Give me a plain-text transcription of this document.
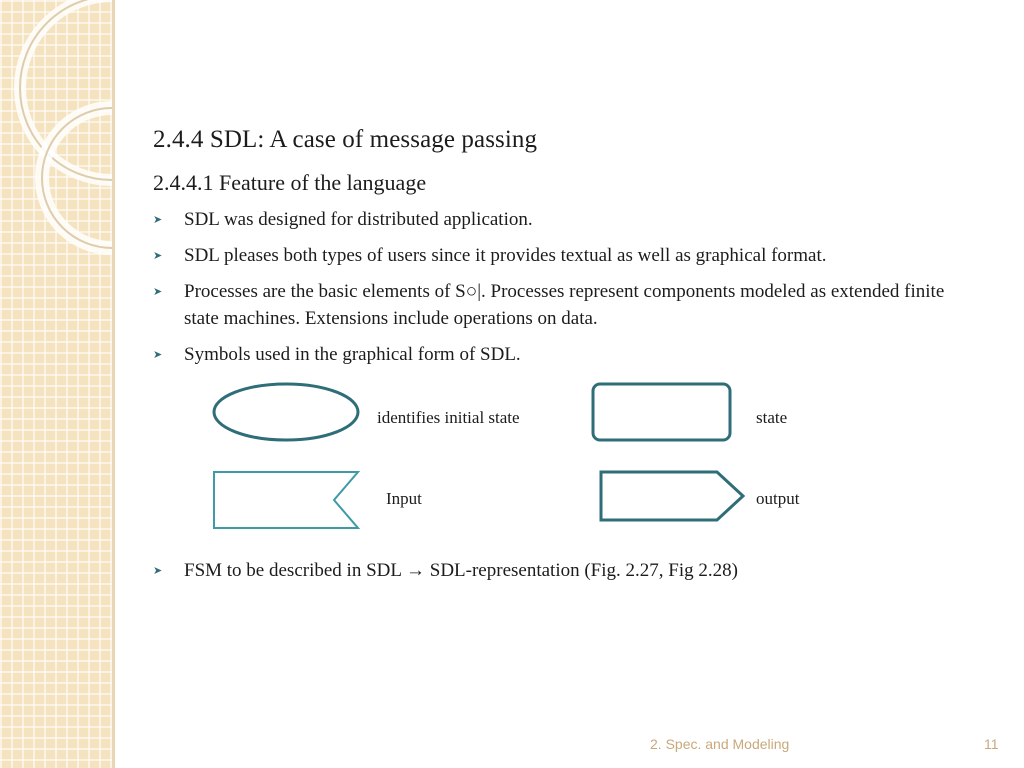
2.4.4 SDL: A case of message passing
2.4.4.1 Feature of the language
➤ SDL was designed for distributed application.
➤ SDL pleases both types of users since it provides textual as well as graphical format.
➤ Processes are the basic elements of S○|. Processes represent components modeled as extended finite state machines. Extensions include operations on data.
➤ Symbols used in the graphical form of SDL.
identifies initial state	state
Input	output
➤ FSM to be described in SDL → SDL-representation (Fig. 2.27, Fig 2.28)
2. Spec. and Modeling	11
